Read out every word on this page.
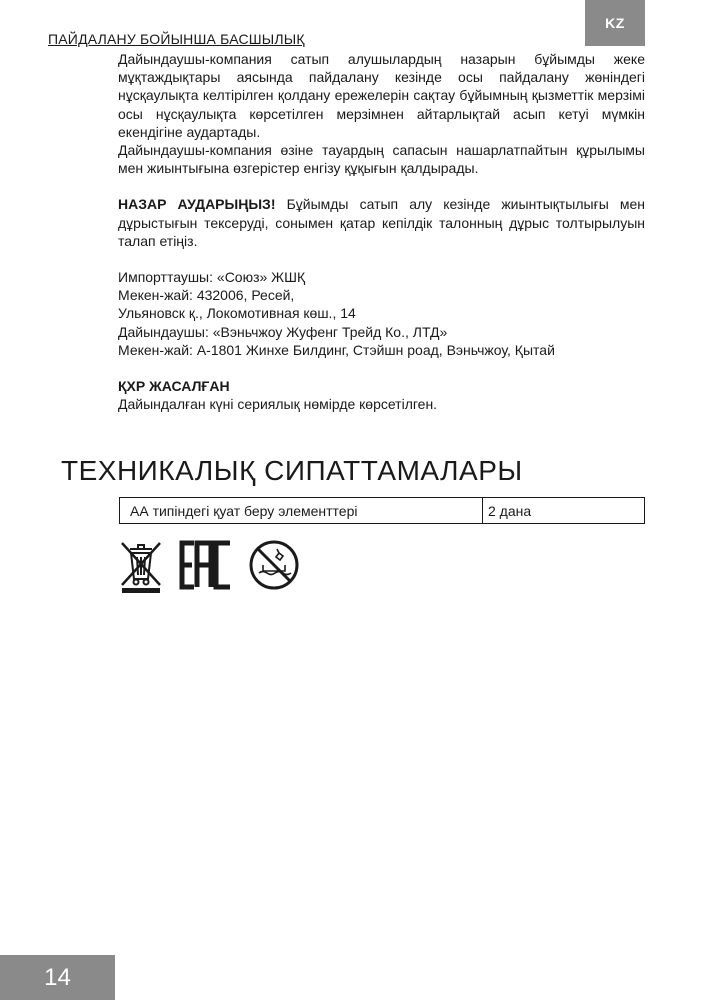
KZ
ПАЙДАЛАНУ БОЙЫНША БАСШЫЛЫҚ

Дайындаушы-компания сатып алушылардың назарын бұйымды жеке мұқтаждықтары аясында пайдалану кезінде осы пайдалану жөніндегі нұсқаулықта келтірілген қолдану ережелерін сақтау бұйымның қызметтік мерзімі осы нұсқаулықта көрсетілген мерзімнен айтарлықтай асып кетуі мүмкін екендігіне аудартады.

Дайындаушы-компания өзіне тауардың сапасын нашарлатпайтын құрылымы мен жиынтығына өзгерістер енгізу құқығын қалдырады.

НАЗАР АУДАРЫҢЫЗ! Бұйымды сатып алу кезінде жиынтықтылығы мен дұрыстығын тексеруді, сонымен қатар кепілдік талонның дұрыс толтырылуын талап етіңіз.

Импорттаушы: «Союз» ЖШҚ

Мекен-жай: 432006, Ресей,

Ульяновск қ., Локомотивная көш., 14

Дайындаушы: «Вэньчжоу Жуфенг Трейд Ко., ЛТД»

Мекен-жай: А-1801 Жинхе Билдинг, Стэйшн роад, Вэньчжоу, Қытай

ҚХР ЖАСАЛҒАН

Дайындалған күні сериялық нөмірде көрсетілген.

ТЕХНИКАЛЫҚ СИПАТТАМАЛАРЫ
АА типіндегі қуат беру элементтері	2 дана
14
